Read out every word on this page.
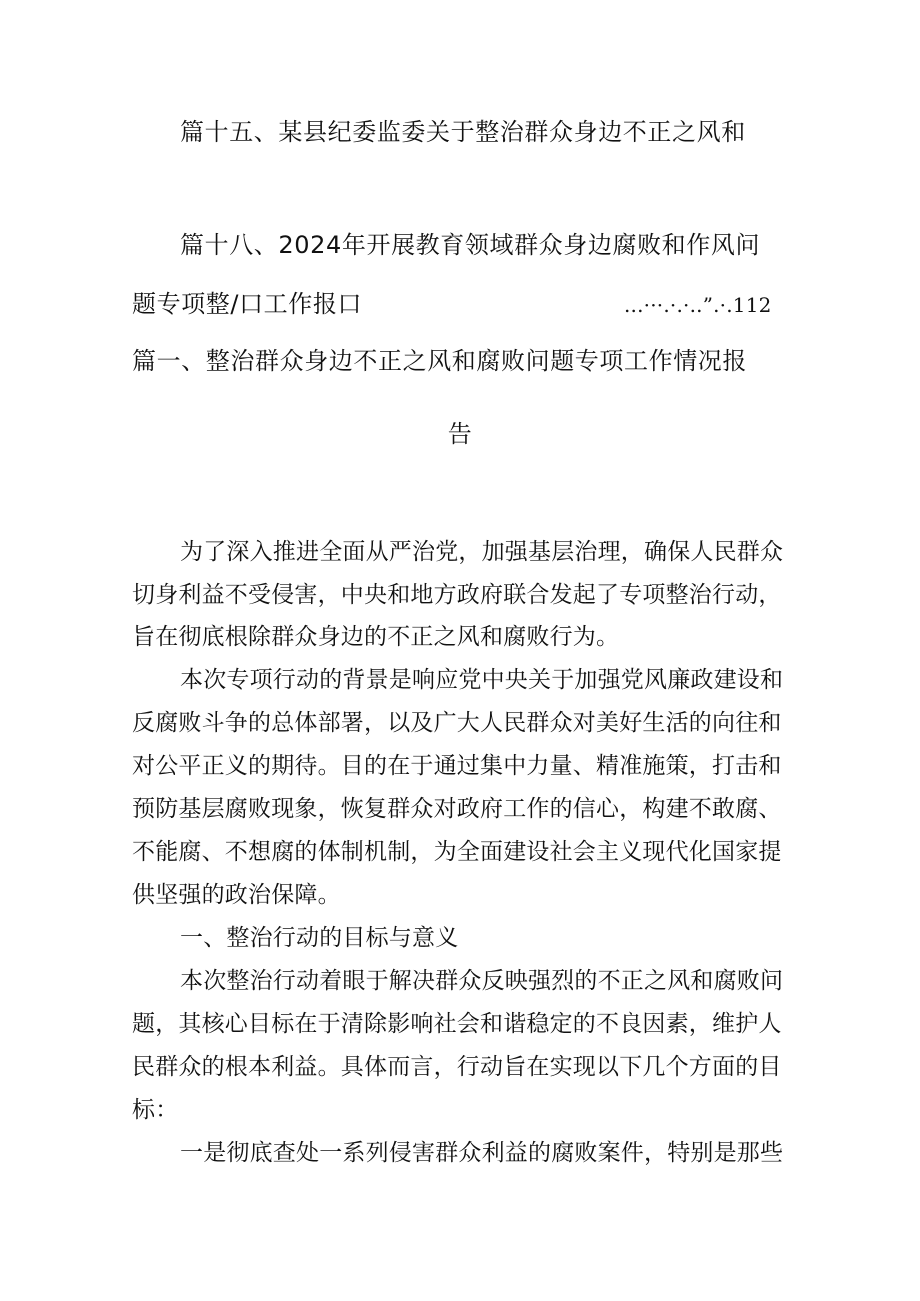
篇十五、某县纪委监委关于整治群众身边不正之风和
篇十八、2024年开展教育领域群众身边腐败和作风问
题专项整/口工作报口	...···.·.·..”.·.112
篇一、整治群众身边不正之风和腐败问题专项工作情况报
告
为了深入推进全面从严治党，加强基层治理，确保人民群众
切身利益不受侵害，中央和地方政府联合发起了专项整治行动，
旨在彻底根除群众身边的不正之风和腐败行为。
本次专项行动的背景是响应党中央关于加强党风廉政建设和
反腐败斗争的总体部署，以及广大人民群众对美好生活的向往和
对公平正义的期待。目的在于通过集中力量、精准施策，打击和
预防基层腐败现象，恢复群众对政府工作的信心，构建不敢腐、
不能腐、不想腐的体制机制，为全面建设社会主义现代化国家提
供坚强的政治保障。
一、整治行动的目标与意义
本次整治行动着眼于解决群众反映强烈的不正之风和腐败问
题，其核心目标在于清除影响社会和谐稳定的不良因素，维护人
民群众的根本利益。具体而言，行动旨在实现以下几个方面的目
标：
一是彻底查处一系列侵害群众利益的腐败案件，特别是那些
